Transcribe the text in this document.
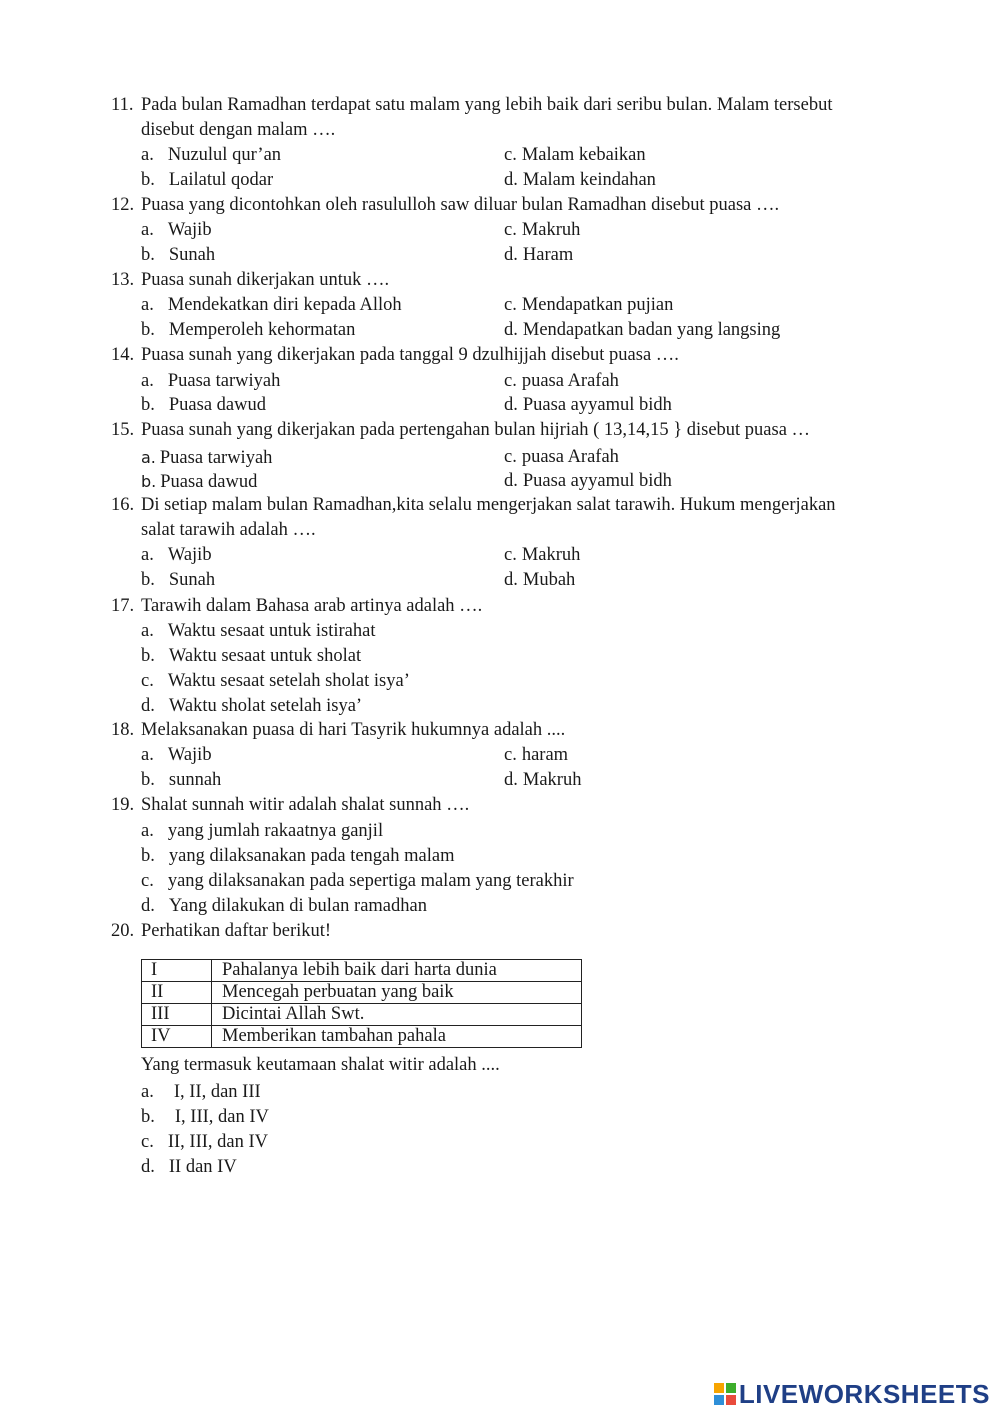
11. Pada bulan Ramadhan terdapat satu malam yang lebih baik dari seribu bulan. Malam tersebut
disebut dengan malam ….
a. Nuzulul qur’an	c. Malam kebaikan
b. Lailatul qodar	d. Malam keindahan
12. Puasa yang dicontohkan oleh rasululloh saw diluar bulan Ramadhan disebut puasa ….
a. Wajib	c. Makruh
b. Sunah	d. Haram
13. Puasa sunah dikerjakan untuk ….
a. Mendekatkan diri kepada Alloh	c. Mendapatkan pujian
b. Memperoleh kehormatan	d. Mendapatkan badan yang langsing
14. Puasa sunah yang dikerjakan pada tanggal 9 dzulhijjah disebut puasa ….
a. Puasa tarwiyah	c. puasa Arafah
b. Puasa dawud	d. Puasa ayyamul bidh
15. Puasa sunah yang dikerjakan pada pertengahan bulan hijriah ( 13,14,15 } disebut puasa …
a. Puasa tarwiyah	c. puasa Arafah
b. Puasa dawud	d. Puasa ayyamul bidh
16. Di setiap malam bulan Ramadhan,kita selalu mengerjakan salat tarawih. Hukum mengerjakan
salat tarawih adalah ….
a. Wajib	c. Makruh
b. Sunah	d. Mubah
17. Tarawih dalam Bahasa arab artinya adalah ….
a. Waktu sesaat untuk istirahat
b. Waktu sesaat untuk sholat
c. Waktu sesaat setelah sholat isya’
d. Waktu sholat setelah isya’
18. Melaksanakan puasa di hari Tasyrik hukumnya adalah ....
a. Wajib	c. haram
b. sunnah	d. Makruh
19. Shalat sunnah witir adalah shalat sunnah ….
a. yang jumlah rakaatnya ganjil
b. yang dilaksanakan pada tengah malam
c. yang dilaksanakan pada sepertiga malam yang terakhir
d. Yang dilakukan di bulan ramadhan
20. Perhatikan daftar berikut!
I	Pahalanya lebih baik dari harta dunia
II	Mencegah perbuatan yang baik
III	Dicintai Allah Swt.
IV	Memberikan tambahan pahala
Yang termasuk keutamaan shalat witir adalah ....
a. I, II, dan III
b. I, III, dan IV
c. II, III, dan IV
d. II dan IV
LIVEWORKSHEETS
